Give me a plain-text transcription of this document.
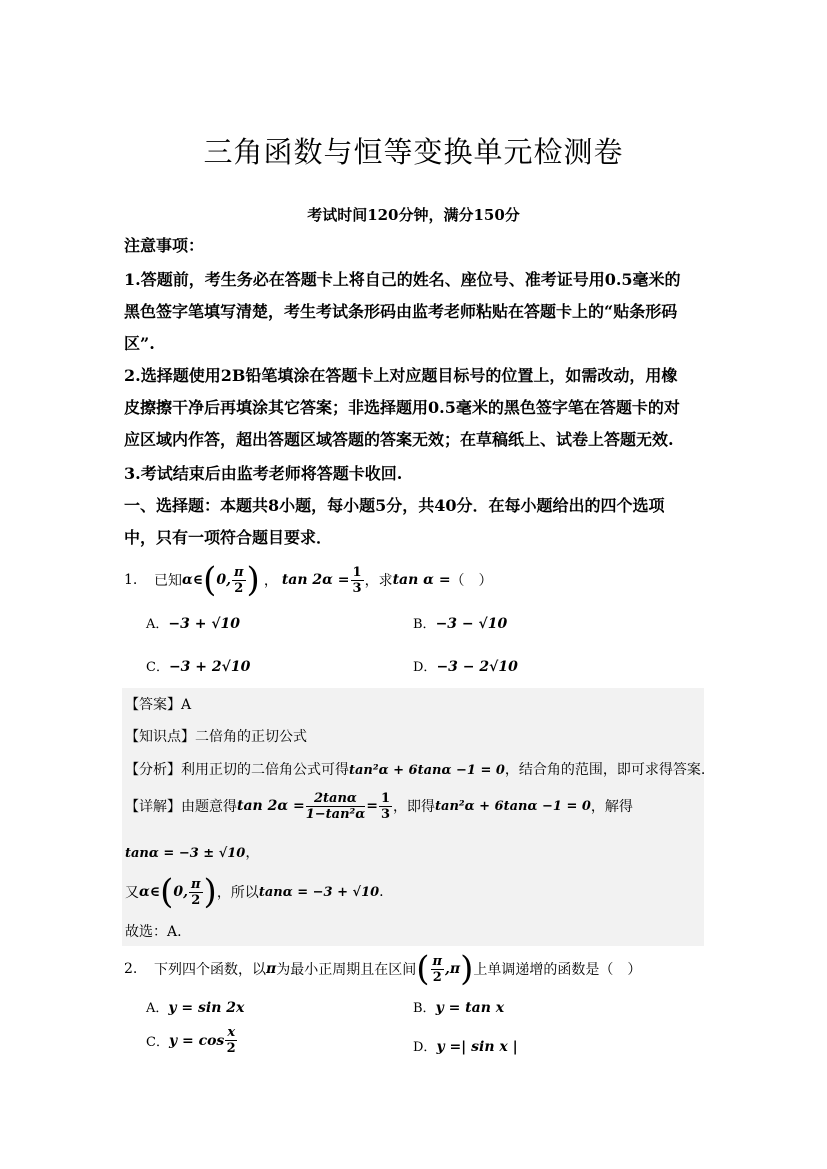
三角函数与恒等变换单元检测卷
考试时间120分钟，满分150分
注意事项：
1.答题前，考生务必在答题卡上将自己的姓名、座位号、准考证号用0.5毫米的
黑色签字笔填写清楚，考生考试条形码由监考老师粘贴在答题卡上的“贴条形码
区”.
2.选择题使用2B铅笔填涂在答题卡上对应题目标号的位置上，如需改动，用橡
皮擦擦干净后再填涂其它答案；非选择题用0.5毫米的黑色签字笔在答题卡的对
应区域内作答，超出答题区域答题的答案无效；在草稿纸上、试卷上答题无效.
3.考试结束后由监考老师将答题卡收回.
一、选择题：本题共8小题，每小题5分，共40分．在每小题给出的四个选项
中，只有一项符合题目要求．
1.	已知 α∈ ( 0, $\frac{\pi}{2}$ ) ， $\tan 2\alpha = \frac{1}{3}$ ，求 tan α = （　）
A．−3 + √10	B．−3 − √10
C．−3 + 2√10	D．−3 − 2√10
【答案】A
【知识点】二倍角的正切公式
【分析】利用正切的二倍角公式可得tan²α + 6tanα −1 = 0，结合角的范围，即可求得答案.
【详解】 由题意得 $\tan 2\alpha = \frac{2\tan\alpha}{\text{1−tan²α}} = \frac{1}{3}$ ，即得 tan²α + 6tanα −1 = 0 ，解得
tanα = −3 ± √10，
又 α∈ ( 0, $\frac{\pi}{2}$ ) ，所以 tanα = −3 + √10 .
故选：A.
2.	下列四个函数，以 π 为最小正周期且在区间 ( $\frac{\pi}{2} ,\pi$ ) 上单调递增的函数是（　）
A．y = sin 2x	B．y = tan x
C． $y = \cos \frac{x}{2}$	D．y =| sin x |
